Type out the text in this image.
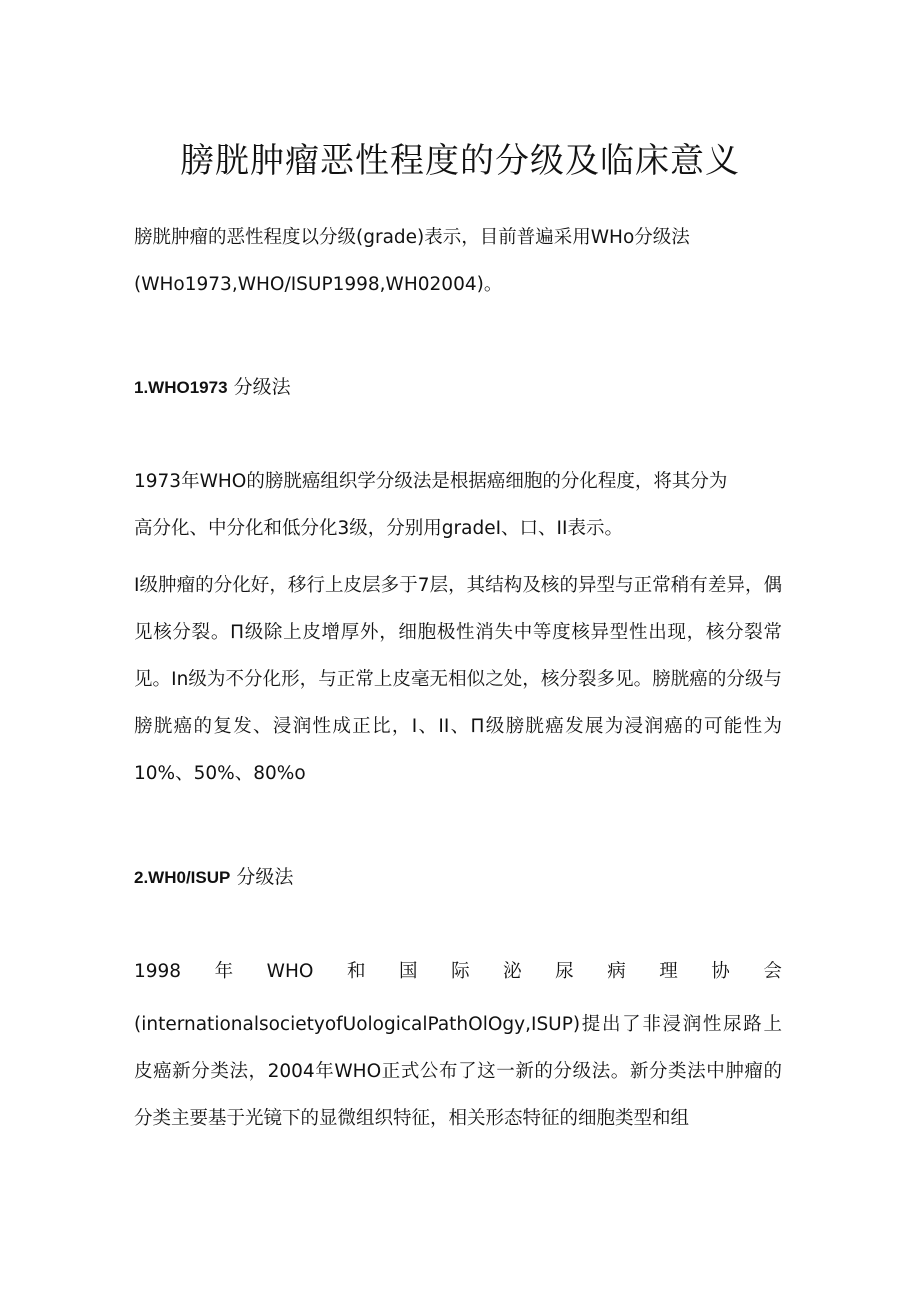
膀胱肿瘤恶性程度的分级及临床意义

膀胱肿瘤的恶性程度以分级(grade)表示，目前普遍采用WHo分级法

(WHo1973,WHO/ISUP1998,WH02004)。

1.WHO1973 分级法

1973年WHO的膀胱癌组织学分级法是根据癌细胞的分化程度，将其分为

高分化、中分化和低分化3级，分别用gradeI、口、II表示。

I级肿瘤的分化好，移行上皮层多于7层，其结构及核的异型与正常稍有差异，偶见核分裂。Π级除上皮增厚外，细胞极性消失中等度核异型性出现，核分裂常见。In级为不分化形，与正常上皮毫无相似之处，核分裂多见。膀胱癌的分级与膀胱癌的复发、浸润性成正比，I、II、Π级膀胱癌发展为浸润癌的可能性为10%、50%、80%o

2.WH0/ISUP 分级法
1998 年 WHO 和 国 际 泌 尿 病 理 协 会

(internationalsocietyofUologicalPathOlOgy,ISUP)提出了非浸润性尿路上皮癌新分类法，2004年WHO正式公布了这一新的分级法。新分类法中肿瘤的分类主要基于光镜下的显微组织特征，相关形态特征的细胞类型和组
